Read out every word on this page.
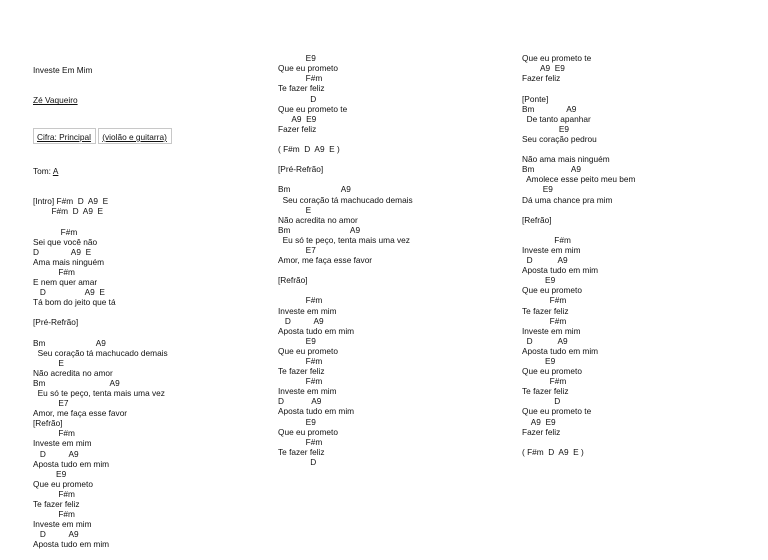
Investe Em Mim

Zé Vaqueiro

Cifra: Principal (violão e guitarra)

Tom: A

[Intro] F#m  D  A9  E
F#m  D  A9  E
F#m
Sei que você não
D              A9  E
Ama mais ninguém
F#m
E nem quer amar
D                 A9  E
Tá bom do jeito que tá
[Pré-Refrão]
Bm                      A9
Seu coração tá machucado demais
E
Não acredita no amor
Bm                            A9
Eu só te peço, tenta mais uma vez
E7
Amor, me faça esse favor
[Refrão]
F#m
Investe em mim
D          A9
Aposta tudo em mim
E9
Que eu prometo
F#m
Te fazer feliz
F#m
Investe em mim
D          A9
Aposta tudo em mim

E9
Que eu prometo
F#m
Te fazer feliz
D
Que eu prometo te
A9  E9
Fazer feliz
( F#m  D  A9  E )
[Pré-Refrão]
Bm                      A9
Seu coração tá machucado demais
E
Não acredita no amor
Bm                          A9
Eu só te peço, tenta mais uma vez
E7
Amor, me faça esse favor
[Refrão]
F#m
Investe em mim
D          A9
Aposta tudo em mim
E9
Que eu prometo
F#m
Te fazer feliz
F#m
Investe em mim
D            A9
Aposta tudo em mim
E9
Que eu prometo
F#m
Te fazer feliz
D

Que eu prometo te
A9  E9
Fazer feliz
[Ponte]
Bm              A9
De tanto apanhar
E9
Seu coração pedrou
Não ama mais ninguém
Bm                A9
Amolece esse peito meu bem
E9
Dá uma chance pra mim
[Refrão]
F#m
Investe em mim
D           A9
Aposta tudo em mim
E9
Que eu prometo
F#m
Te fazer feliz
F#m
Investe em mim
D           A9
Aposta tudo em mim
E9
Que eu prometo
F#m
Te fazer feliz
D
Que eu prometo te
A9  E9
Fazer feliz
( F#m  D  A9  E )
